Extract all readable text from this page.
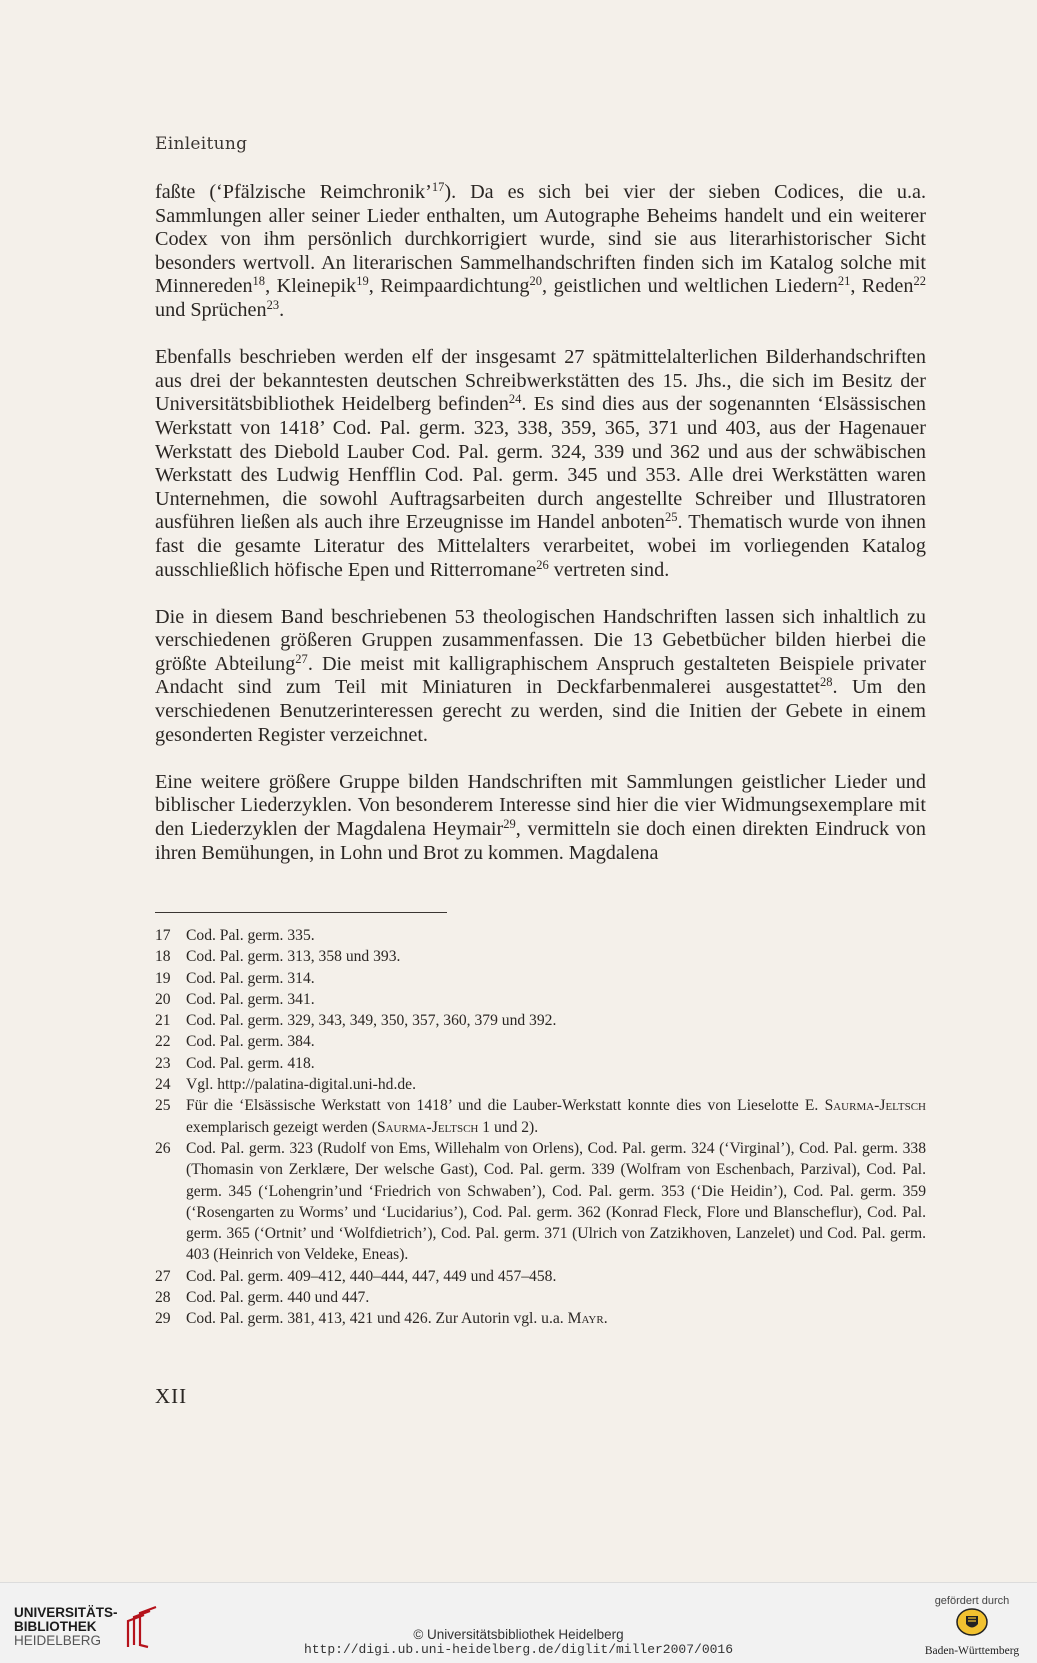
Einleitung

faßte (‘Pfälzische Reimchronik’$^{17}$). Da es sich bei vier der sieben Codices, die u.a. Sammlungen aller seiner Lieder enthalten, um Autographe Beheims handelt und ein weiterer Codex von ihm persönlich durchkorrigiert wurde, sind sie aus literarhistorischer Sicht besonders wertvoll. An literarischen Sammelhandschriften finden sich im Katalog solche mit Minnereden$^{18}$, Kleinepik$^{19}$, Reimpaardichtung$^{20}$, geistlichen und weltlichen Liedern$^{21}$, Reden$^{22}$ und Sprüchen$^{23}$.

Ebenfalls beschrieben werden elf der insgesamt 27 spätmittelalterlichen Bilderhandschriften aus drei der bekanntesten deutschen Schreibwerkstätten des 15. Jhs., die sich im Besitz der Universitätsbibliothek Heidelberg befinden$^{24}$. Es sind dies aus der sogenannten ‘Elsässischen Werkstatt von 1418’ Cod. Pal. germ. 323, 338, 359, 365, 371 und 403, aus der Hagenauer Werkstatt des Diebold Lauber Cod. Pal. germ. 324, 339 und 362 und aus der schwäbischen Werkstatt des Ludwig Henfflin Cod. Pal. germ. 345 und 353. Alle drei Werkstätten waren Unternehmen, die sowohl Auftragsarbeiten durch angestellte Schreiber und Illustratoren ausführen ließen als auch ihre Erzeugnisse im Handel anboten$^{25}$. Thematisch wurde von ihnen fast die gesamte Literatur des Mittelalters verarbeitet, wobei im vorliegenden Katalog ausschließlich höfische Epen und Ritterromane$^{26}$ vertreten sind.

Die in diesem Band beschriebenen 53 theologischen Handschriften lassen sich inhaltlich zu verschiedenen größeren Gruppen zusammenfassen. Die 13 Gebetbücher bilden hierbei die größte Abteilung$^{27}$. Die meist mit kalligraphischem Anspruch gestalteten Beispiele privater Andacht sind zum Teil mit Miniaturen in Deckfarbenmalerei ausgestattet$^{28}$. Um den verschiedenen Benutzerinteressen gerecht zu werden, sind die Initien der Gebete in einem gesonderten Register verzeichnet.

Eine weitere größere Gruppe bilden Handschriften mit Sammlungen geistlicher Lieder und biblischer Liederzyklen. Von besonderem Interesse sind hier die vier Widmungsexemplare mit den Liederzyklen der Magdalena Heymair$^{29}$, vermitteln sie doch einen direkten Eindruck von ihren Bemühungen, in Lohn und Brot zu kommen. Magdalena

17 Cod. Pal. germ. 335.
18 Cod. Pal. germ. 313, 358 und 393.
19 Cod. Pal. germ. 314.
20 Cod. Pal. germ. 341.
21 Cod. Pal. germ. 329, 343, 349, 350, 357, 360, 379 und 392.
22 Cod. Pal. germ. 384.
23 Cod. Pal. germ. 418.
24 Vgl. http://palatina-digital.uni-hd.de.
25 Für die ‘Elsässische Werkstatt von 1418’ und die Lauber-Werkstatt konnte dies von Lieselotte E. Saurma-Jeltsch exemplarisch gezeigt werden (Saurma-Jeltsch 1 und 2).
26 Cod. Pal. germ. 323 (Rudolf von Ems, Willehalm von Orlens), Cod. Pal. germ. 324 (‘Virginal’), Cod. Pal. germ. 338 (Thomasin von Zerklære, Der welsche Gast), Cod. Pal. germ. 339 (Wolfram von Eschenbach, Parzival), Cod. Pal. germ. 345 (‘Lohengrin’und ‘Friedrich von Schwaben’), Cod. Pal. germ. 353 (‘Die Heidin’), Cod. Pal. germ. 359 (‘Rosengarten zu Worms’ und ‘Lucidarius’), Cod. Pal. germ. 362 (Konrad Fleck, Flore und Blanscheflur), Cod. Pal. germ. 365 (‘Ortnit’ und ‘Wolfdietrich’), Cod. Pal. germ. 371 (Ulrich von Zatzikhoven, Lanzelet) und Cod. Pal. germ. 403 (Heinrich von Veldeke, Eneas).
27 Cod. Pal. germ. 409–412, 440–444, 447, 449 und 457–458.
28 Cod. Pal. germ. 440 und 447.
29 Cod. Pal. germ. 381, 413, 421 und 426. Zur Autorin vgl. u.a. Mayr.
XII
UNIVERSITÄTS-
BIBLIOTHEK
HEIDELBERG	© Universitätsbibliothek Heidelberg
http://digi.ub.uni-heidelberg.de/diglit/miller2007/0016
gefördert durch
Baden-Württemberg
